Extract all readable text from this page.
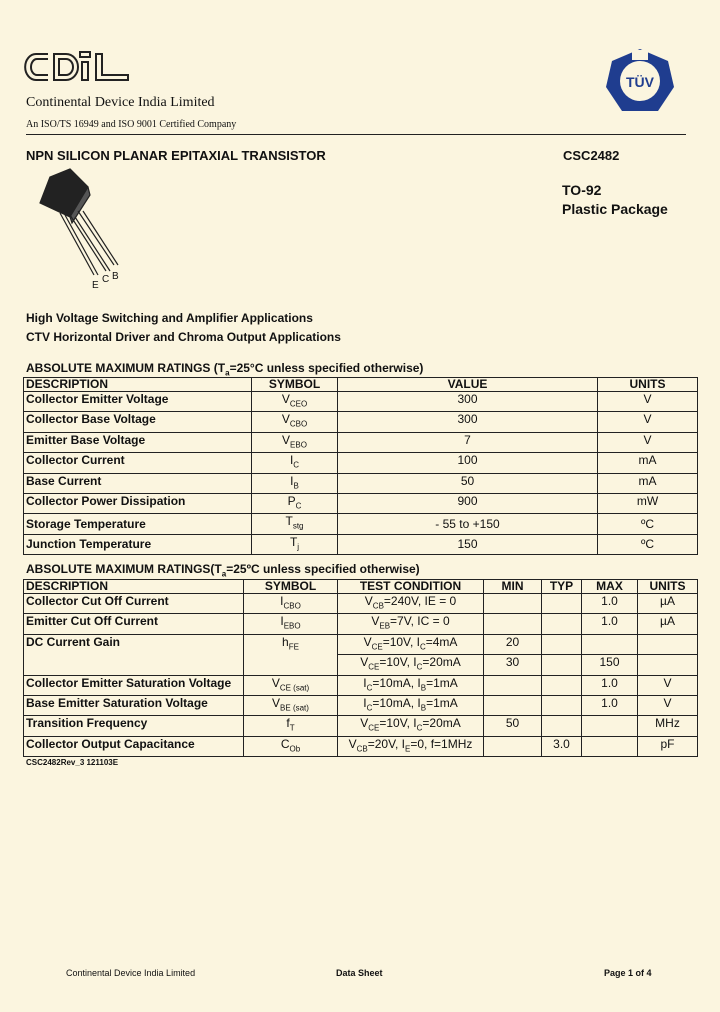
Continental Device India Limited
An ISO/TS 16949 and ISO 9001 Certified Company
TÜV
NPN SILICON PLANAR EPITAXIAL TRANSISTOR	CSC2482
TO-92
Plastic Package
E
C B
High Voltage Switching and Amplifier Applications
CTV Horizontal Driver and Chroma Output Applications
ABSOLUTE MAXIMUM RATINGS ($T_a=25^\circ C$ unless specified otherwise)
DESCRIPTION	SYMBOL	VALUE	UNITS
Collector Emitter Voltage	$V_{CEO}$	300	V
Collector Base Voltage	$V_{CBO}$	300	V
Emitter Base Voltage	$V_{EBO}$	7	V
Collector Current	$I_C$	100	mA
Base Current	$I_B$	50	mA
Collector Power Dissipation	$P_C$	900	mW
Storage Temperature	$T_{stg}$	- 55 to +150	ºC
Junction Temperature	$T_j$	150	ºC
ABSOLUTE MAXIMUM $RATINGS(T_a=25ºC$ unless specified otherwise)
DESCRIPTION	SYMBOL	TEST CONDITION	MIN	TYP	MAX	UNITS
Collector Cut Off Current	$I_{CBO}$	$V_{CB}=240V$, IE = 0			1.0	µA
Emitter Cut Off Current	$I_{EBO}$	$V_{EB}=7V$, IC = 0			1.0	µA
DC Current Gain	$h_{FE}$	$V_{CE}=10V$, $I_C=4mA$	20			
		$V_{CE}=10V$, $I_C=20mA$	30		150	
Collector Emitter Saturation Voltage	$V_{CE (sat)}$	$I_C=10mA$, $I_B=1mA$			1.0	V
Base Emitter Saturation Voltage	$V_{BE (sat)}$	$I_C=10mA$, $I_B=1mA$			1.0	V
Transition Frequency	$f_T$	$V_{CE}=10V$, $I_C=20mA$	50			MHz
Collector Output Capacitance	$C_{Ob}$	$V_{CB}=20V$, $I_E=0$, f=1MHz		3.0		pF
CSC2482Rev_3 121103E
Continental Device India Limited	Data Sheet	Page 1 of 4
